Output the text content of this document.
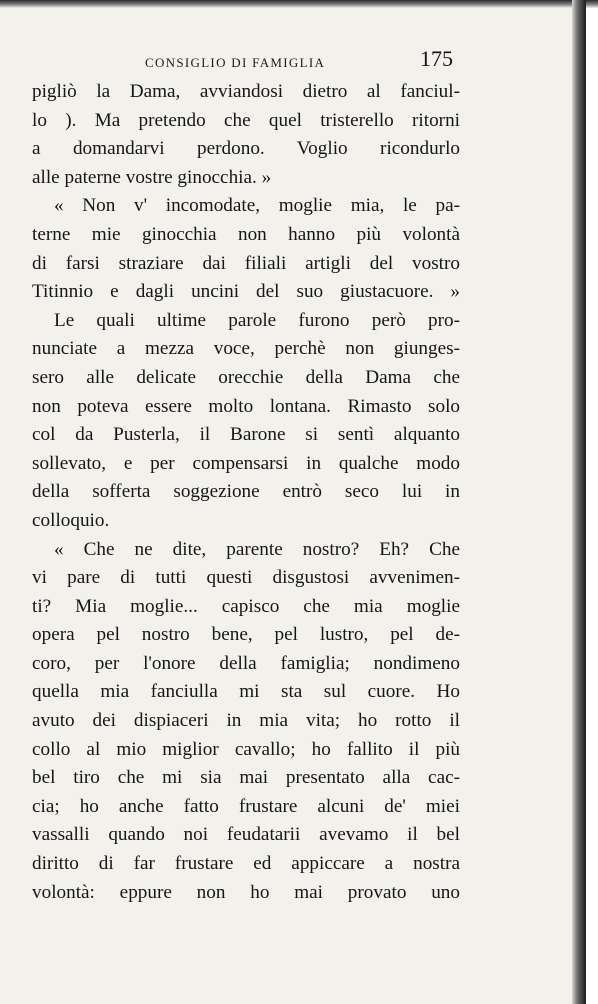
CONSIGLIO DI FAMIGLIA	175
pigliò la Dama, avviandosi dietro al fanciul-
lo ). Ma pretendo che quel tristerello ritorni
a domandarvi perdono. Voglio ricondurlo
alle paterne vostre ginocchia. »
« Non v' incomodate, moglie mia, le pa-
terne mie ginocchia non hanno più volontà
di farsi straziare dai filiali artigli del vostro
Titinnio e dagli uncini del suo giustacuore. »
Le quali ultime parole furono però pro-
nunciate a mezza voce, perchè non giunges-
sero alle delicate orecchie della Dama che
non poteva essere molto lontana. Rimasto solo
col da Pusterla, il Barone si sentì alquanto
sollevato, e per compensarsi in qualche modo
della sofferta soggezione entrò seco lui in
colloquio.
« Che ne dite, parente nostro? Eh? Che
vi pare di tutti questi disgustosi avvenimen-
ti? Mia moglie... capisco che mia moglie
opera pel nostro bene, pel lustro, pel de-
coro, per l'onore della famiglia; nondimeno
quella mia fanciulla mi sta sul cuore. Ho
avuto dei dispiaceri in mia vita; ho rotto il
collo al mio miglior cavallo; ho fallito il più
bel tiro che mi sia mai presentato alla cac-
cia; ho anche fatto frustare alcuni de' miei
vassalli quando noi feudatarii avevamo il bel
diritto di far frustare ed appiccare a nostra
volontà: eppure non ho mai provato uno
